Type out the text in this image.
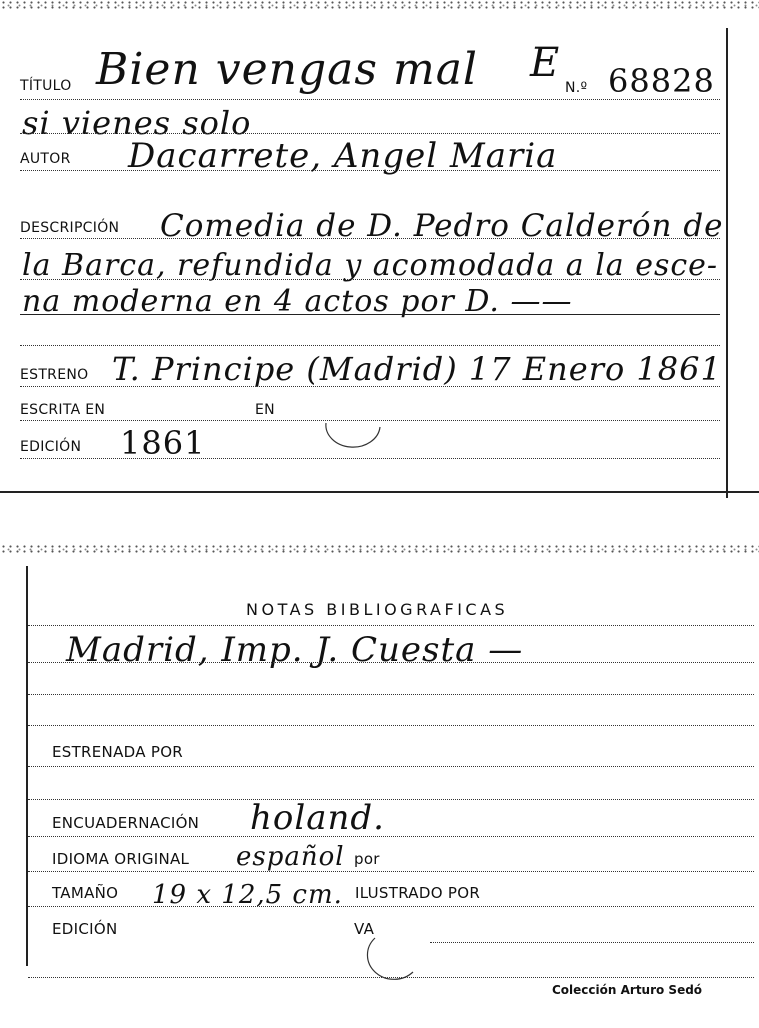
TÍTULO Bien vengas mal E
N.º 68828
si vienes solo
AUTOR Dacarrete, Angel Maria
DESCRIPCIÓN Comedia de D. Pedro Calderón de
la Barca, refundida y acomodada a la esce-
na moderna en 4 actos por D. ——
ESTRENO T. Principe (Madrid) 17 Enero 1861
ESCRITA EN	EN
EDICIÓN 1861
NOTAS BIBLIOGRAFICAS
Madrid, Imp. J. Cuesta —
ESTRENADA POR
ENCUADERNACIÓN holand.
IDIOMA ORIGINAL español por
TAMAÑO 19 x 12,5 cm. ILUSTRADO POR
EDICIÓN	VA
Colección Arturo Sedó
